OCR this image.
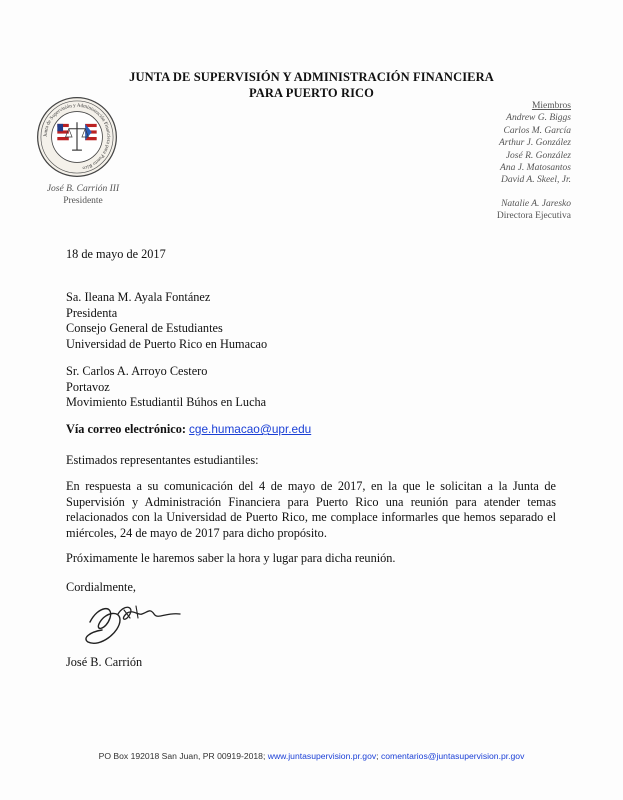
JUNTA DE SUPERVISIÓN Y ADMINISTRACIÓN FINANCIERA
PARA PUERTO RICO
Junta de Supervisión y Administración Financiera para Puerto Rico
José B. Carrión III
Presidente
Miembros
Andrew G. Biggs
Carlos M. García
Arthur J. González
José R. González
Ana J. Matosantos
David A. Skeel, Jr.
Natalie A. Jaresko
Directora Ejecutiva
18 de mayo de 2017
Sa. Ileana M. Ayala Fontánez
Presidenta
Consejo General de Estudiantes
Universidad de Puerto Rico en Humacao
Sr. Carlos A. Arroyo Cestero
Portavoz
Movimiento Estudiantil Búhos en Lucha
Vía correo electrónico: cge.humacao@upr.edu
Estimados representantes estudiantiles:
En respuesta a su comunicación del 4 de mayo de 2017, en la que le solicitan a la Junta de Supervisión y Administración Financiera para Puerto Rico una reunión para atender temas relacionados con la Universidad de Puerto Rico, me complace informarles que hemos separado el miércoles, 24 de mayo de 2017 para dicho propósito.
Próximamente le haremos saber la hora y lugar para dicha reunión.
Cordialmente,
José B. Carrión
PO Box 192018 San Juan, PR 00919-2018; www.juntasupervision.pr.gov; comentarios@juntasupervision.pr.gov
